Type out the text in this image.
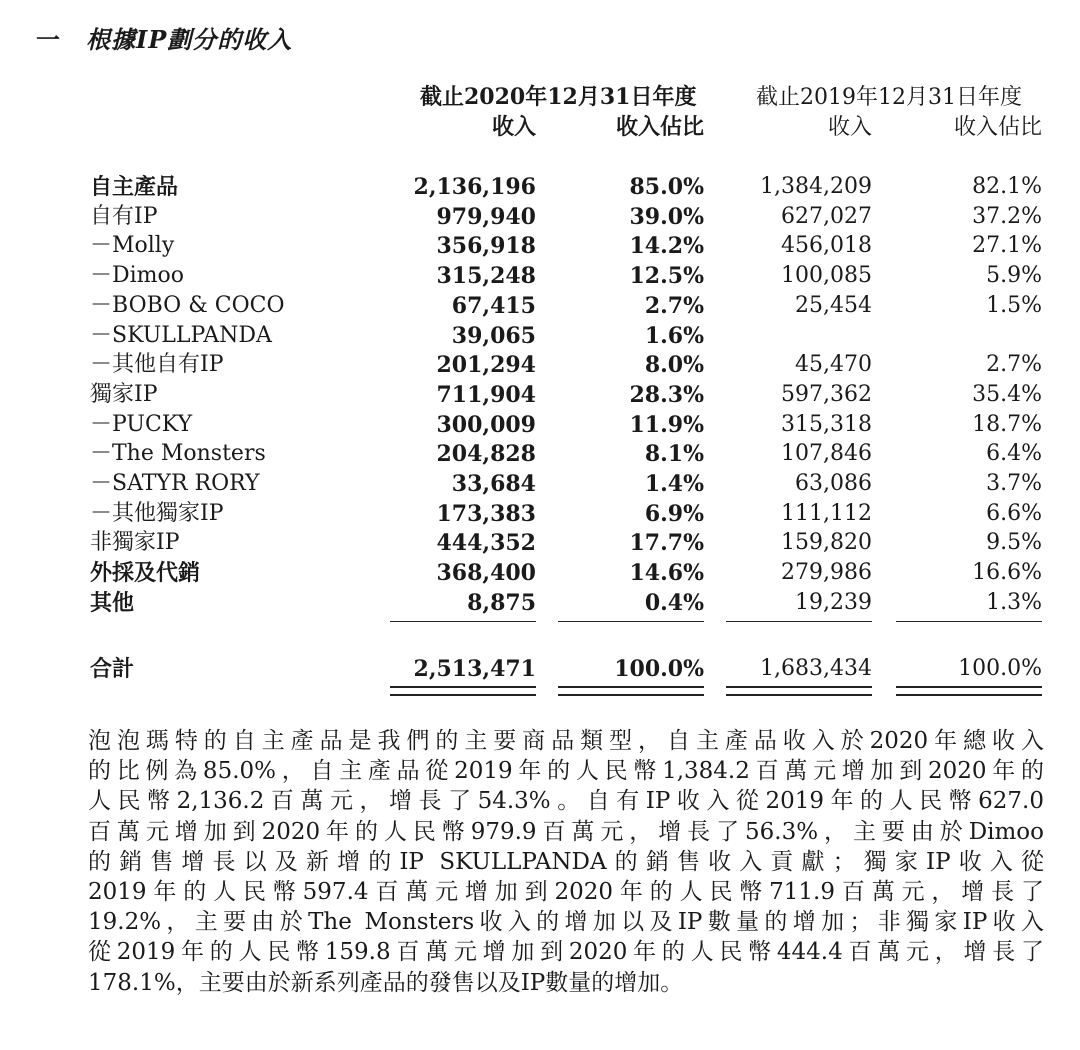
一 根據IP劃分的收入
截止2020年12月31日年度	截止2019年12月31日年度
收入	收入佔比	收入	收入佔比
自主產品	2,136,196	85.0%	1,384,209	82.1%
自有IP	979,940	39.0%	627,027	37.2%
－Molly	356,918	14.2%	456,018	27.1%
－Dimoo	315,248	12.5%	100,085	5.9%
－BOBO & COCO	67,415	2.7%	25,454	1.5%
－SKULLPANDA	39,065	1.6%
－其他自有IP	201,294	8.0%	45,470	2.7%
獨家IP	711,904	28.3%	597,362	35.4%
－PUCKY	300,009	11.9%	315,318	18.7%
－The Monsters	204,828	8.1%	107,846	6.4%
－SATYR RORY	33,684	1.4%	63,086	3.7%
－其他獨家IP	173,383	6.9%	111,112	6.6%
非獨家IP	444,352	17.7%	159,820	9.5%
外採及代銷	368,400	14.6%	279,986	16.6%
其他	8,875	0.4%	19,239	1.3%
合計	2,513,471	100.0%	1,683,434	100.0%
泡泡瑪特的自主產品是我們的主要商品類型，自主產品收入於2020年總收入
的比例為85.0%，自主產品從2019年的人民幣1,384.2百萬元增加到2020年的
人民幣2,136.2百萬元，增長了54.3%。自有IP收入從2019年的人民幣627.0
百萬元增加到2020年的人民幣979.9百萬元，增長了56.3%，主要由於Dimoo
的銷售增長以及新增的IP SKULLPANDA的銷售收入貢獻；獨家IP收入從
2019年的人民幣597.4百萬元增加到2020年的人民幣711.9百萬元，增長了
19.2%，主要由於The Monsters收入的增加以及IP數量的增加；非獨家IP收入
從2019年的人民幣159.8百萬元增加到2020年的人民幣444.4百萬元，增長了
178.1%，主要由於新系列產品的發售以及IP數量的增加。
